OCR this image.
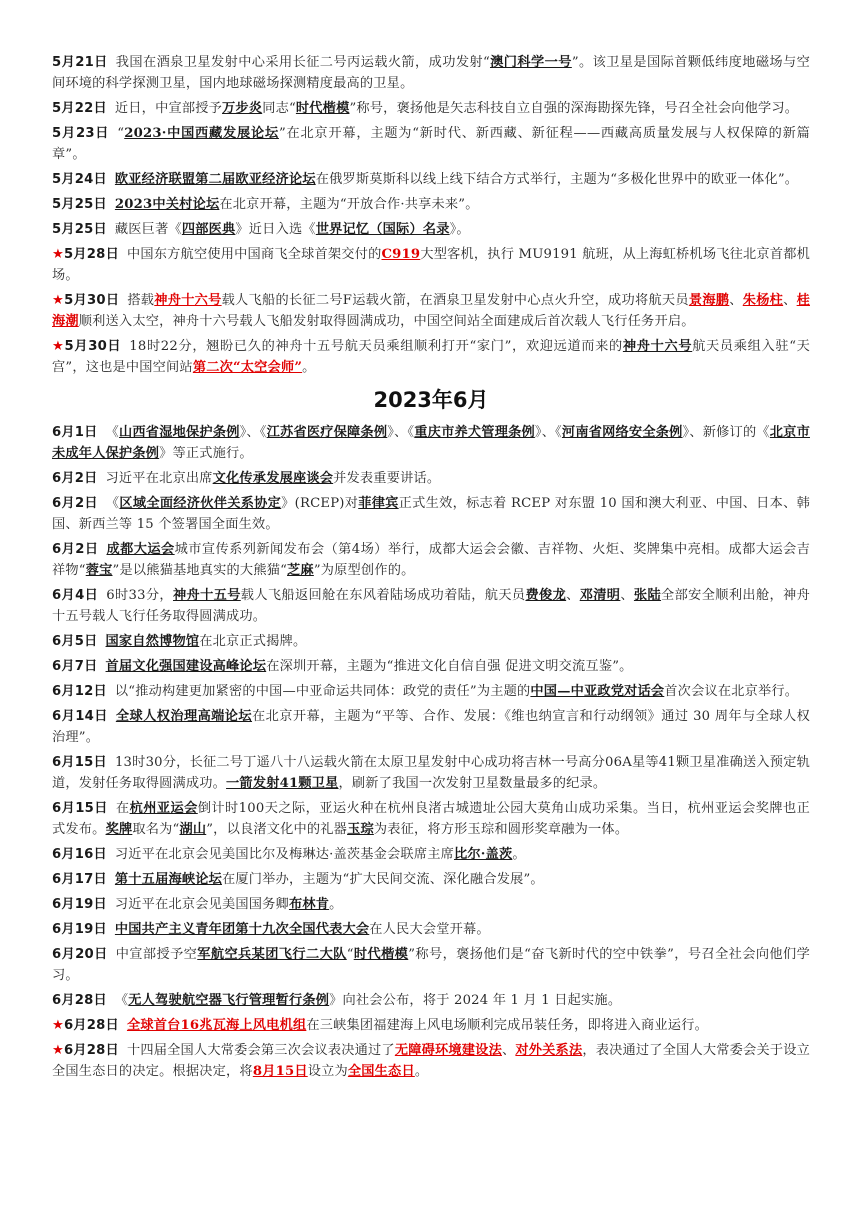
5月21日 我国在酒泉卫星发射中心采用长征二号丙运载火箭，成功发射“澳门科学一号”。该卫星是国际首颗低纬度地磁场与空间环境的科学探测卫星，国内地球磁场探测精度最高的卫星。

5月22日 近日，中宣部授予万步炎同志“时代楷模”称号，褒扬他是矢志科技自立自强的深海勘探先锋，号召全社会向他学习。

5月23日 “2023·中国西藏发展论坛”在北京开幕，主题为“新时代、新西藏、新征程——西藏高质量发展与人权保障的新篇章”。

5月24日 欧亚经济联盟第二届欧亚经济论坛在俄罗斯莫斯科以线上线下结合方式举行，主题为“多极化世界中的欧亚一体化”。

5月25日 2023中关村论坛在北京开幕，主题为“开放合作·共享未来”。

5月25日 藏医巨著《四部医典》近日入选《世界记忆（国际）名录》。

★5月28日 中国东方航空使用中国商飞全球首架交付的C919大型客机，执行 MU9191 航班，从上海虹桥机场飞往北京首都机场。

★5月30日 搭载神舟十六号载人飞船的长征二号F运载火箭，在酒泉卫星发射中心点火升空，成功将航天员景海鹏、朱杨柱、桂海潮顺利送入太空，神舟十六号载人飞船发射取得圆满成功，中国空间站全面建成后首次载人飞行任务开启。

★5月30日 18时22分，翘盼已久的神舟十五号航天员乘组顺利打开“家门”，欢迎远道而来的神舟十六号航天员乘组入驻“天宫”，这也是中国空间站第二次“太空会师”。

2023年6月

6月1日 《山西省湿地保护条例》、《江苏省医疗保障条例》、《重庆市养犬管理条例》、《河南省网络安全条例》、新修订的《北京市未成年人保护条例》等正式施行。

6月2日 习近平在北京出席文化传承发展座谈会并发表重要讲话。

6月2日 《区域全面经济伙伴关系协定》(RCEP)对菲律宾正式生效，标志着 RCEP 对东盟 10 国和澳大利亚、中国、日本、韩国、新西兰等 15 个签署国全面生效。

6月2日 成都大运会城市宣传系列新闻发布会（第4场）举行，成都大运会会徽、吉祥物、火炬、奖牌集中亮相。成都大运会吉祥物“蓉宝”是以熊猫基地真实的大熊猫“芝麻”为原型创作的。

6月4日 6时33分，神舟十五号载人飞船返回舱在东风着陆场成功着陆，航天员费俊龙、邓清明、张陆全部安全顺利出舱，神舟十五号载人飞行任务取得圆满成功。

6月5日 国家自然博物馆在北京正式揭牌。

6月7日 首届文化强国建设高峰论坛在深圳开幕，主题为“推进文化自信自强 促进文明交流互鉴”。

6月12日 以“推动构建更加紧密的中国—中亚命运共同体：政党的责任”为主题的中国—中亚政党对话会首次会议在北京举行。

6月14日 全球人权治理高端论坛在北京开幕，主题为“平等、合作、发展：《维也纳宣言和行动纲领》通过 30 周年与全球人权治理”。

6月15日 13时30分，长征二号丁遥八十八运载火箭在太原卫星发射中心成功将吉林一号高分06A星等41颗卫星准确送入预定轨道，发射任务取得圆满成功。一箭发射41颗卫星，刷新了我国一次发射卫星数量最多的纪录。

6月15日 在杭州亚运会倒计时100天之际，亚运火种在杭州良渚古城遗址公园大莫角山成功采集。当日，杭州亚运会奖牌也正式发布。奖牌取名为“湖山”，以良渚文化中的礼器玉琮为表征，将方形玉琮和圆形奖章融为一体。

6月16日 习近平在北京会见美国比尔及梅琳达·盖茨基金会联席主席比尔·盖茨。

6月17日 第十五届海峡论坛在厦门举办，主题为“扩大民间交流、深化融合发展”。

6月19日 习近平在北京会见美国国务卿布林肯。

6月19日 中国共产主义青年团第十九次全国代表大会在人民大会堂开幕。

6月20日 中宣部授予空军航空兵某团飞行二大队“时代楷模”称号，褒扬他们是“奋飞新时代的空中铁拳”，号召全社会向他们学习。

6月28日 《无人驾驶航空器飞行管理暂行条例》向社会公布，将于 2024 年 1 月 1 日起实施。

★6月28日 全球首台16兆瓦海上风电机组在三峡集团福建海上风电场顺利完成吊装任务，即将进入商业运行。

★6月28日 十四届全国人大常委会第三次会议表决通过了无障碍环境建设法、对外关系法，表决通过了全国人大常委会关于设立全国生态日的决定。根据决定，将8月15日设立为全国生态日。
